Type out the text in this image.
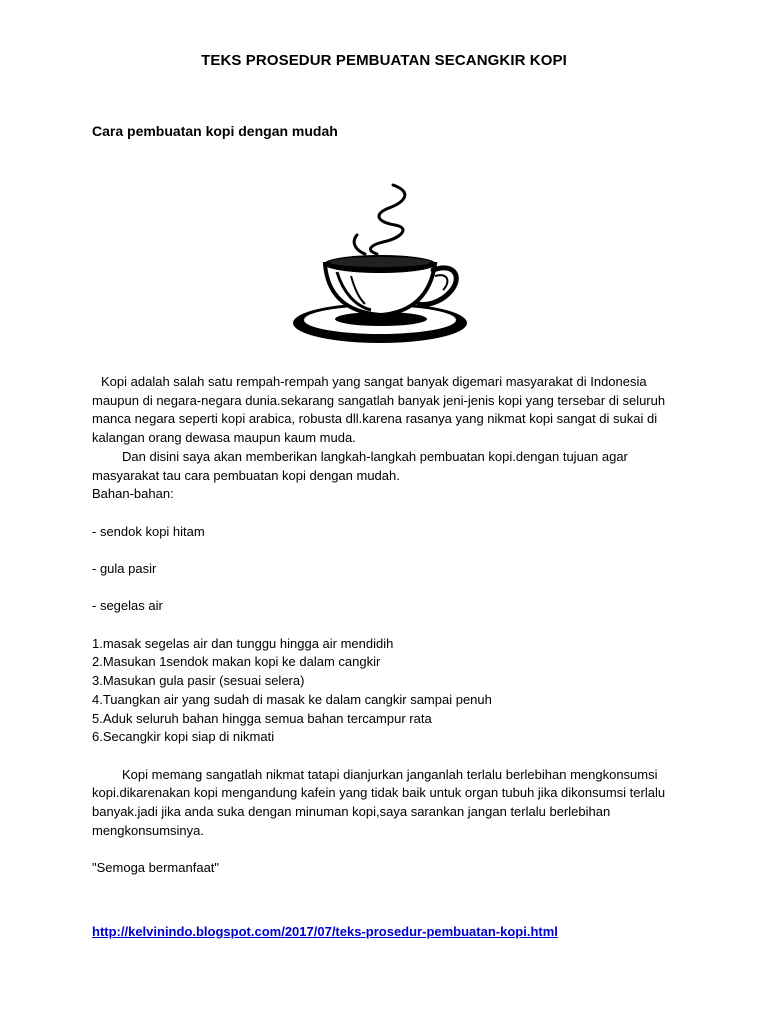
TEKS PROSEDUR PEMBUATAN SECANGKIR KOPI
Cara pembuatan kopi dengan mudah

Kopi adalah salah satu rempah-rempah yang sangat banyak digemari masyarakat di Indonesia

maupun di negara-negara dunia.sekarang sangatlah banyak jeni-jenis kopi yang tersebar di seluruh

manca negara seperti kopi arabica, robusta dll.karena rasanya yang nikmat kopi sangat di sukai di

kalangan orang dewasa maupun kaum muda.

Dan disini saya akan memberikan langkah-langkah pembuatan kopi.dengan tujuan agar

masyarakat tau cara pembuatan kopi dengan mudah.

Bahan-bahan:

- sendok kopi hitam

- gula pasir

- segelas air

1.masak segelas air dan tunggu hingga air mendidih

2.Masukan 1sendok makan kopi ke dalam cangkir

3.Masukan gula pasir (sesuai selera)

4.Tuangkan air yang sudah di masak ke dalam cangkir sampai penuh

5.Aduk seluruh bahan hingga semua bahan tercampur rata

6.Secangkir kopi siap di nikmati

Kopi memang sangatlah nikmat tatapi dianjurkan janganlah terlalu berlebihan mengkonsumsi

kopi.dikarenakan kopi mengandung kafein yang tidak baik untuk organ tubuh jika dikonsumsi terlalu

banyak.jadi jika anda suka dengan minuman kopi,saya sarankan jangan terlalu berlebihan

mengkonsumsinya.

"Semoga bermanfaat"

http://kelvinindo.blogspot.com/2017/07/teks-prosedur-pembuatan-kopi.html
